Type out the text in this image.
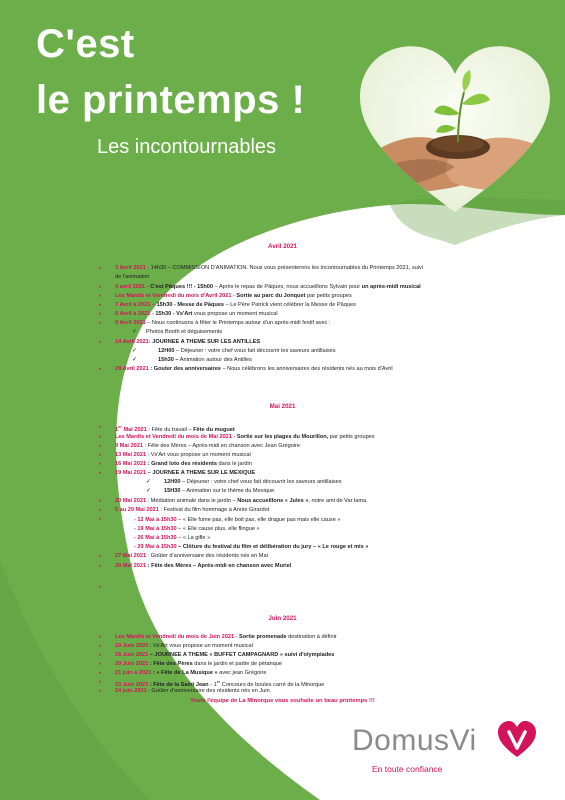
C'est
le printemps !
Les incontournables
Avril 2021
• 3 Avril 2021 - 14h30 – COMMISSION D'ANIMATION. Nous vous présenterons les Incontournables du Printemps 2021, suivi
de l'animation
• 4 avril 2021 - C'est Pâques !!! - 15h00 – Après le repas de Pâques, nous accueillons Sylvain pour un après-midi musical
• Les Mardis et Vendredi du mois d'Avril 2021 - Sortie au parc du Jonquet par petits groupes
• 7 Avril à 2021 – 15h30 - Messe de Pâques – Le Père Patrick vient célébrer la Messe de Pâques
• 8 Avril à 2021 - 15h30 - Vs'Art vous propose un moment musical
• 9 Avril 2021 – Nous continuons à fêter le Printemps autour d'un après-midi festif avec :
✓ Photos Booth et déguisements
• 14 Avril 2021: JOURNEE A THEME SUR LES ANTILLES
✓	12H00 – Déjeuner : votre chef vous fait découvrir les saveurs antillaises
✓	15h30 – Animation autour des Antilles
• 29 Avril 2021 : Gouter des anniversaires – Nous célébrons les anniversaires des résidents nés au mois d'Avril
Mai 2021
• 1er Mai 2021 : Fête du travail – Fête du muguet
• Les Mardis et Vendredi du mois de Mai 2021 - Sortie sur les plages du Mourillon, par petits groupes
• 9 Mai 2021 : Fête des Mères – Après-midi en chanson avec Jean Grégoire
• 13 Mai 2021 : Vs'Art vous propose un moment musical
• 16 Mai 2021 : Grand loto des résidents dans le jardin
• 19 Mai 2021 – JOURNEE A THEME SUR LE MEXIQUE
✓ 12H00 – Déjeuner : votre chef vous fait découvrir les saveurs antillaises
✓ 15H30 – Animation sur le thème du Mexique
• 20 Mai 2021 : Médiation animale dans le jardin – Nous accueillons « Jules », notre ami de Var lama.
• 5 au 29 Mai 2021 : Festival du film hommage à Annie Girardot
•	- 12 Mai à 15h30 – « Elle fume pas, elle boit pas, elle drague pas mais elle cause »
- 19 Mai à 15h30 – « Elle cause plus, elle flingue »
- 26 Mai à 15h30 – « La gifle »
- 29 Mai à 15h30 – Clôture du festival du film et délibération du jury – « Le rouge et mis »
• 27 Mai 2021 : Goûter d'anniversaire des résidents nés en Mai
• 30 Mai 2021 : Fête des Mères – Après-midi en chanson avec Muriel
•
Juin 2021
• Les Mardis et Vendredi du mois de Juin 2021 - Sortie promenade destination à définir
• 10 Juin 2020 : Vs'Art vous propose un moment musical
• 16 Juin 2021 – JOURNEE A THEME « BUFFET CAMPAGNARD » suivi d'olympiades
• 20 Juin 2021 : Fête des Pères dans le jardin et partie de pétanque
• 21 juin à 2021 : « Fête de La Musique » avec jean Grégoire
• 23 Juin 2021 : Fête de la Saint Jean - 1er Concours de boules carré de la Minorque
• 24 juin 2021 : Goûter d'anniversaire des résidents nés en Juin
Toute l'équipe de La Minorque vous souhaite un beau printemps !!!
DomusVi
En toute confiance
